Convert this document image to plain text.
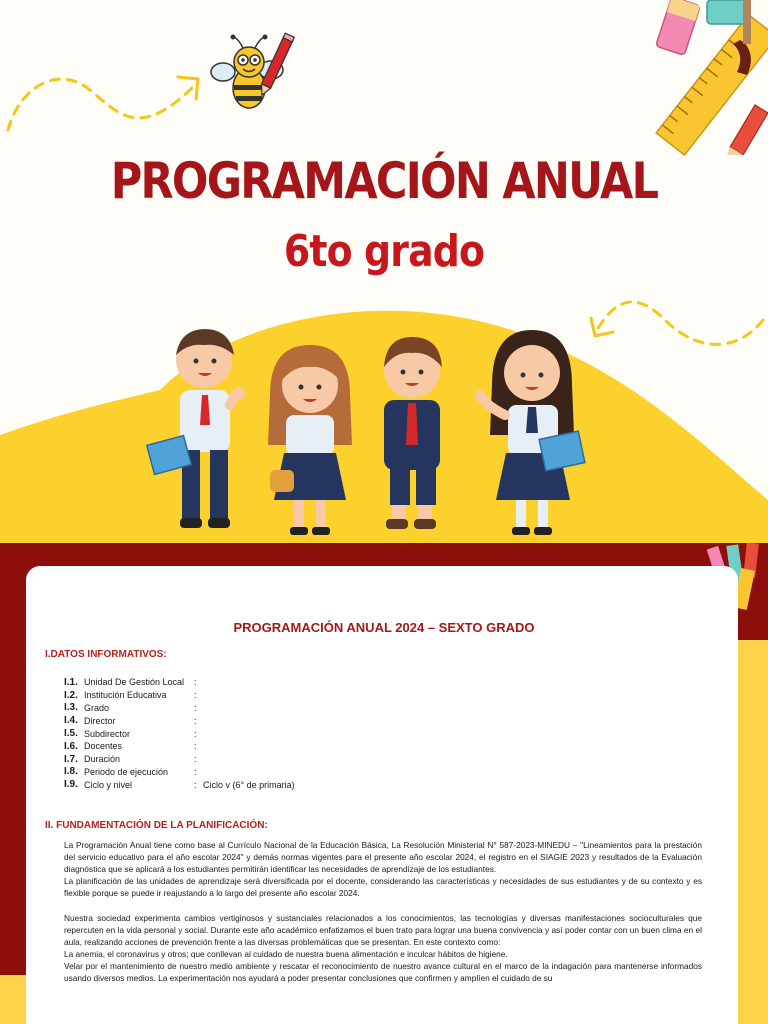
PROGRAMACIÓN ANUAL
6to grado
PROGRAMACIÓN ANUAL 2024 – SEXTO GRADO
I.DATOS INFORMATIVOS:
I.1. Unidad De Gestión Local	:
I.2. Institución Educativa	:
I.3. Grado	:
I.4. Director	:
I.5. Subdirector	:
I.6. Docentes	:
I.7. Duración	:
I.8. Periodo de ejecución	:
I.9. Ciclo y nivel	: Ciclo v (6° de primaria)
II. FUNDAMENTACIÓN DE LA PLANIFICACIÓN:

La Programación Anual tiene como base al Currículo Nacional de la Educación Básica, La Resolución Ministerial N° 587-2023-MINEDU – "Lineamientos para la prestación del servicio educativo para el año escolar 2024" y demás normas vigentes para el presente año escolar 2024, el registro en el SIAGIE 2023 y resultados de la Evaluación diagnóstica que se aplicará a los estudiantes permitirán identificar las necesidades de aprendizaje de los estudiantes.

La planificación de las unidades de aprendizaje será diversificada por el docente, considerando las características y necesidades de sus estudiantes y de su contexto y es flexible porque se puede ir reajustando a lo largo del presente año escolar 2024.

Nuestra sociedad experimenta cambios vertiginosos y sustanciales relacionados a los conocimientos, las tecnologías y diversas manifestaciones socioculturales que repercuten en la vida personal y social. Durante este año académico enfatizamos el buen trato para lograr una buena convivencia y así poder contar con un buen clima en el aula, realizando acciones de prevención frente a las diversas problemáticas que se presentan. En este contexto como:

La anemia, el coronavirus y otros; que conllevan al cuidado de nuestra buena alimentación e inculcar hábitos de higiene.

Velar por el mantenimiento de nuestro medio ambiente y rescatar el reconocimiento de nuestro avance cultural en el marco de la indagación para mantenerse informados usando diversos medios. La experimentación nos ayudará a poder presentar conclusiones que confirmen y amplíen el cuidado de su
